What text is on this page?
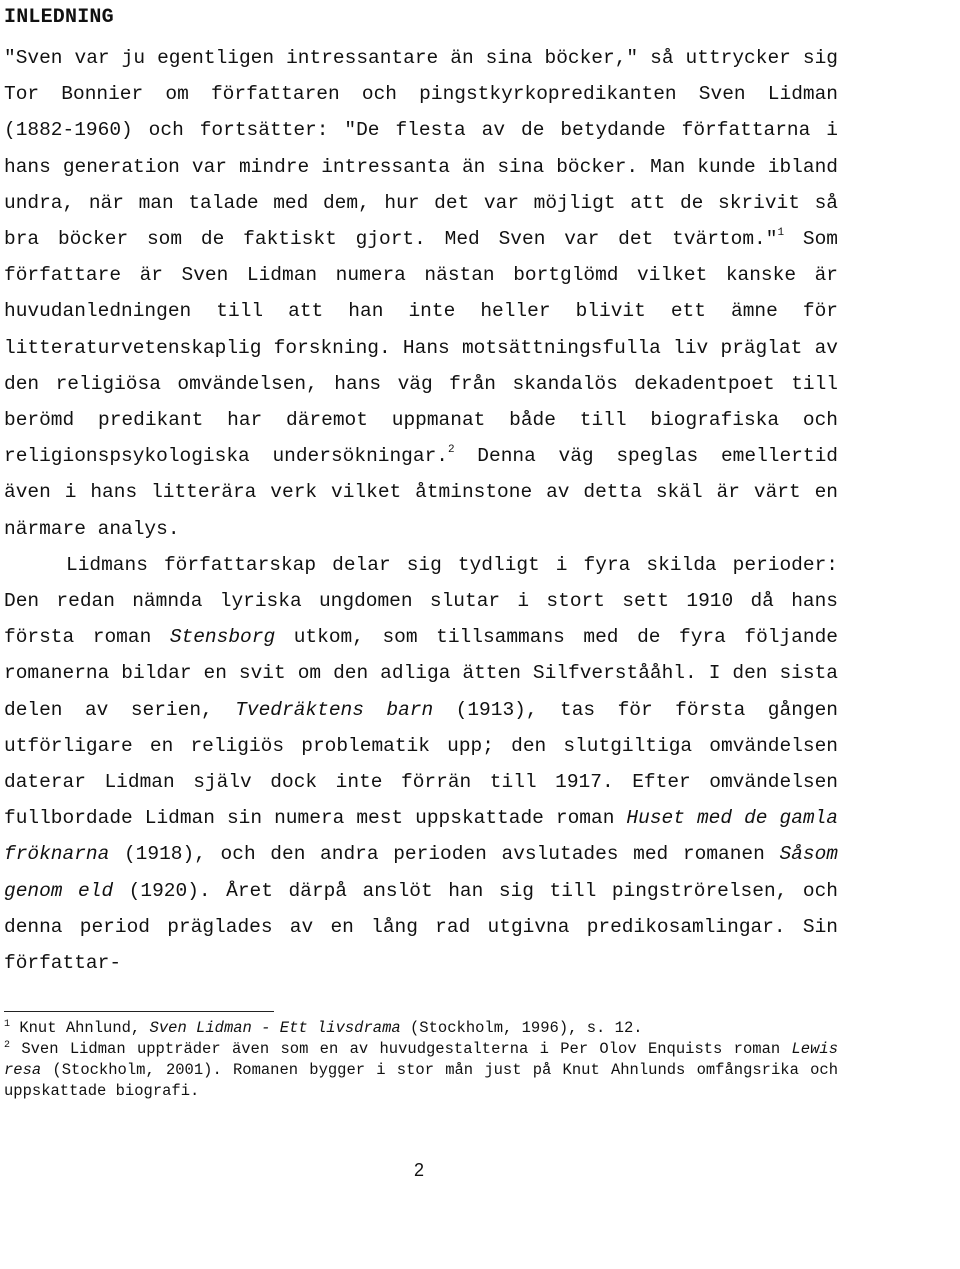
INLEDNING

"Sven var ju egentligen intressantare än sina böcker," så uttrycker sig Tor Bonnier om författaren och pingstkyrkopredikanten Sven Lidman (1882-1960) och fortsätter: "De flesta av de betydande författarna i hans generation var mindre intressanta än sina böcker. Man kunde ibland undra, när man talade med dem, hur det var möjligt att de skrivit så bra böcker som de faktiskt gjort. Med Sven var det tvärtom."$^1$ Som författare är Sven Lidman numera nästan bortglömd vilket kanske är huvudanledningen till att han inte heller blivit ett ämne för litteraturvetenskaplig forskning. Hans motsättningsfulla liv präglat av den religiösa omvändelsen, hans väg från skandalös dekadentpoet till berömd predikant har däremot uppmanat både till biografiska och religionspsykologiska undersökningar.$^2$ Denna väg speglas emellertid även i hans litterära verk vilket åtminstone av detta skäl är värt en närmare analys.

Lidmans författarskap delar sig tydligt i fyra skilda perioder: Den redan nämnda lyriska ungdomen slutar i stort sett 1910 då hans första roman Stensborg utkom, som tillsammans med de fyra följande romanerna bildar en svit om den adliga ätten Silfverstååhl. I den sista delen av serien, Tvedräktens barn (1913), tas för första gången utförligare en religiös problematik upp; den slutgiltiga omvändelsen daterar Lidman själv dock inte förrän till 1917. Efter omvändelsen fullbordade Lidman sin numera mest uppskattade roman Huset med de gamla fröknarna (1918), och den andra perioden avslutades med romanen Såsom genom eld (1920). Året därpå anslöt han sig till pingströrelsen, och denna period präglades av en lång rad utgivna predikosamlingar. Sin författar-

$^1$ Knut Ahnlund, Sven Lidman - Ett livsdrama (Stockholm, 1996), s. 12.

$^2$ Sven Lidman uppträder även som en av huvudgestalterna i Per Olov Enquists roman Lewis resa (Stockholm, 2001). Romanen bygger i stor mån just på Knut Ahnlunds omfångsrika och uppskattade biografi.

2
